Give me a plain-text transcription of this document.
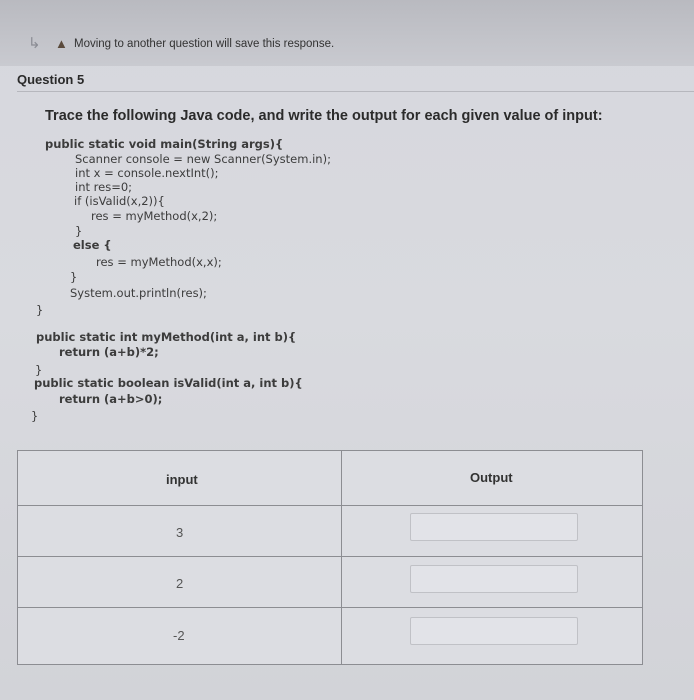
↳ ▲ Moving to another question will save this response.
Question 5
Trace the following Java code, and write the output for each given value of input:
public static void main(String args){
Scanner console = new Scanner(System.in);
int x = console.nextInt();
int res=0;
if (isValid(x,2)){
res = myMethod(x,2);
}
else {
res = myMethod(x,x);
}
System.out.println(res);
}
public static int myMethod(int a, int b){
return (a+b)*2;
}
public static boolean isValid(int a, int b){
return (a+b>0);
}
input	Output
3
2
-2
